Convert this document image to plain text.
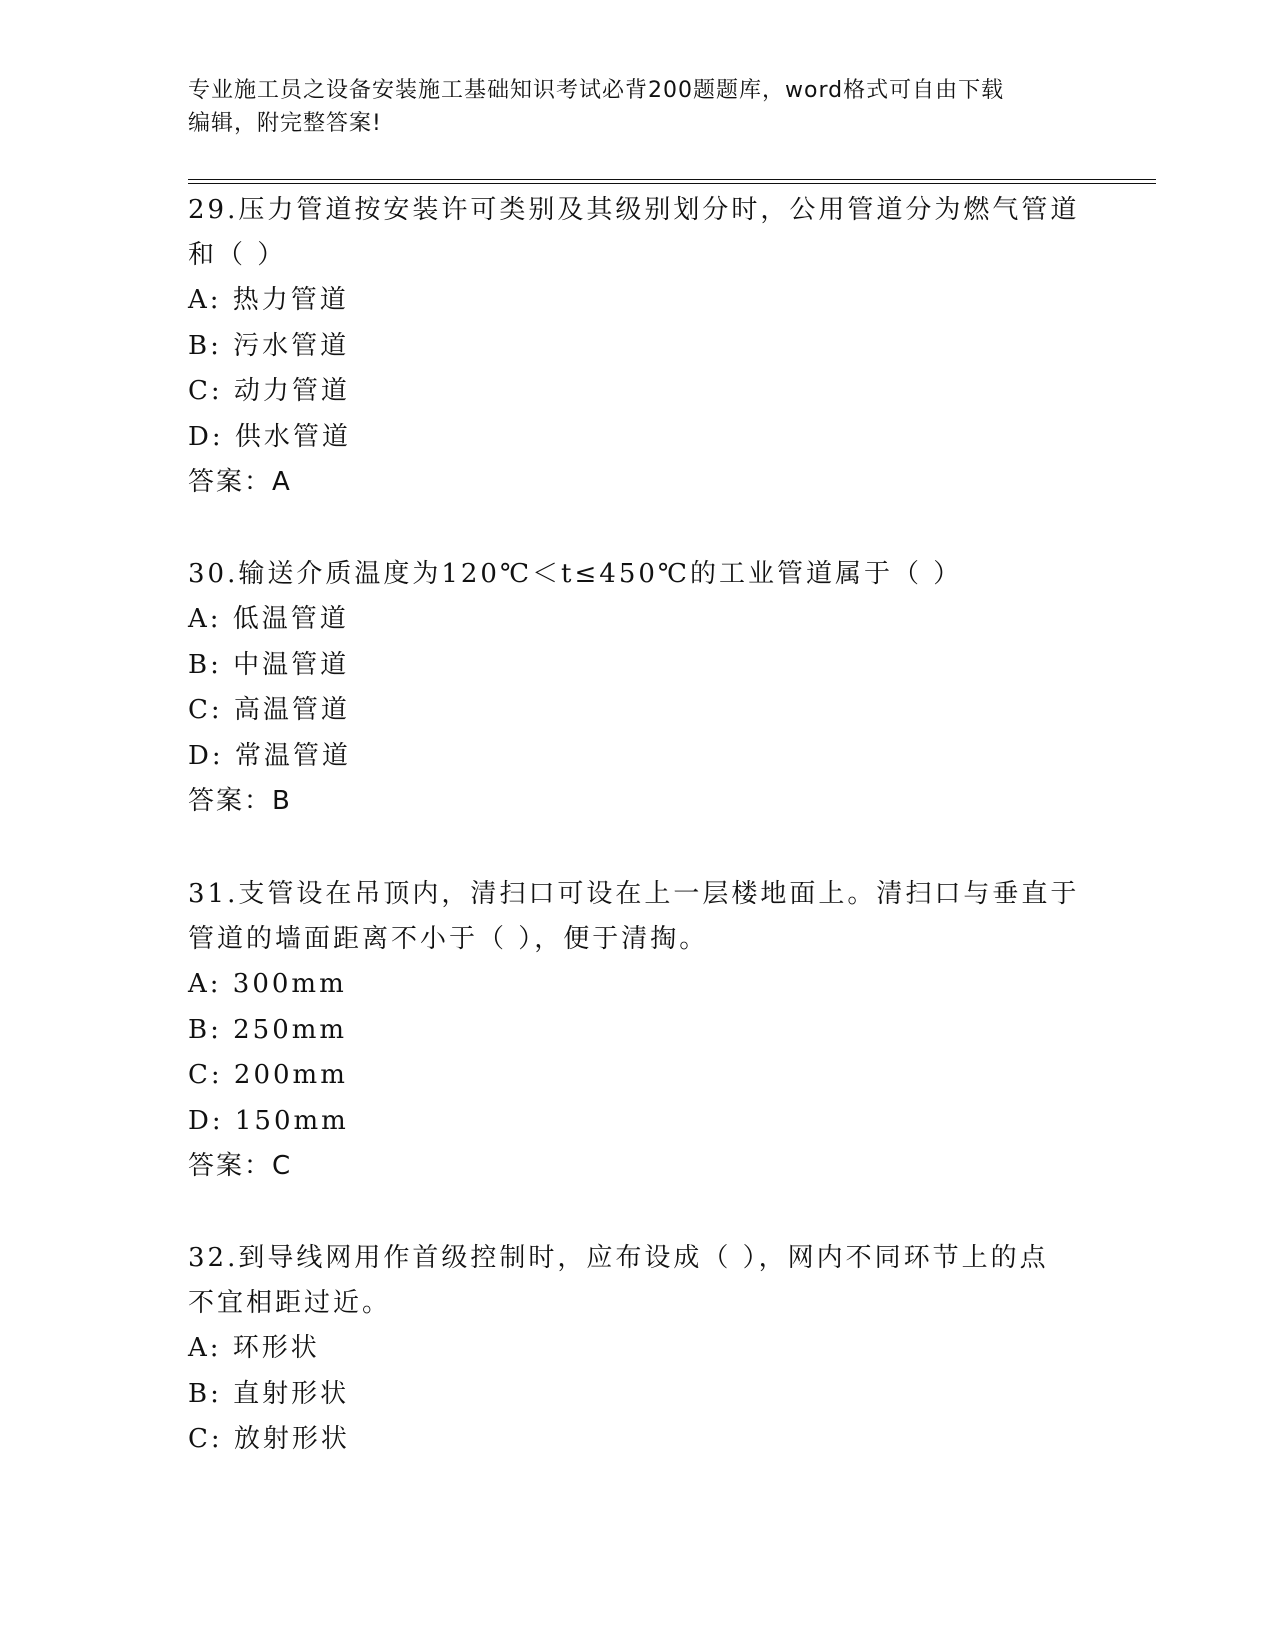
专业施工员之设备安装施工基础知识考试必背200题题库，word格式可自由下载
编辑，附完整答案!

29.压力管道按安装许可类别及其级别划分时，公用管道分为燃气管道

和（ ）

A: 热力管道

B: 污水管道

C: 动力管道

D: 供水管道

答案：A

30.输送介质温度为120℃＜t≤450℃的工业管道属于（ ）

A: 低温管道

B: 中温管道

C: 高温管道

D: 常温管道

答案：B

31.支管设在吊顶内，清扫口可设在上一层楼地面上。清扫口与垂直于

管道的墙面距离不小于（ ），便于清掏。

A: 300mm

B: 250mm

C: 200mm

D: 150mm

答案：C

32.到导线网用作首级控制时，应布设成（ ），网内不同环节上的点

不宜相距过近。

A: 环形状

B: 直射形状

C: 放射形状
